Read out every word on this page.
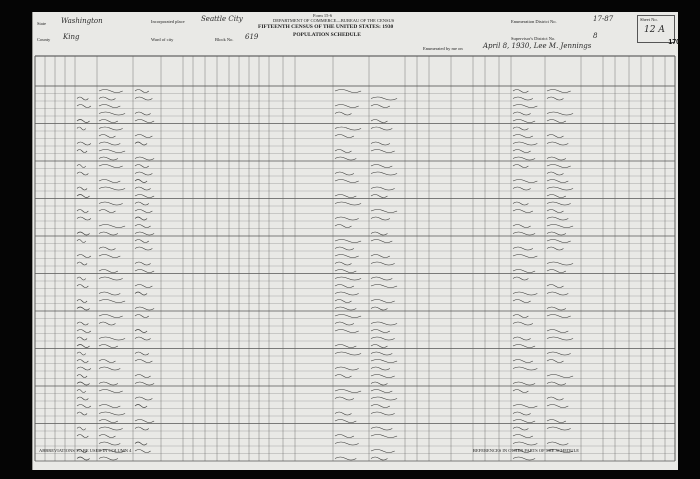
Form 15-6
DEPARTMENT OF COMMERCE—BUREAU OF THE CENSUS
FIFTEENTH CENSUS OF THE UNITED STATES: 1930
POPULATION SCHEDULE
State Washington
County King
Incorporated place Seattle City
Ward of city	Block No. 619
Enumeration District No.	17-87
Supervisor's District No.	8
Sheet No.
12 A
170
Enumerated by me on	April 8, 1930, Lee M. Jennings
ABBREVIATIONS TO BE USED IN COLUMN 4	REFERENCES IN OTHER PARTS OF THE SCHEDULE
